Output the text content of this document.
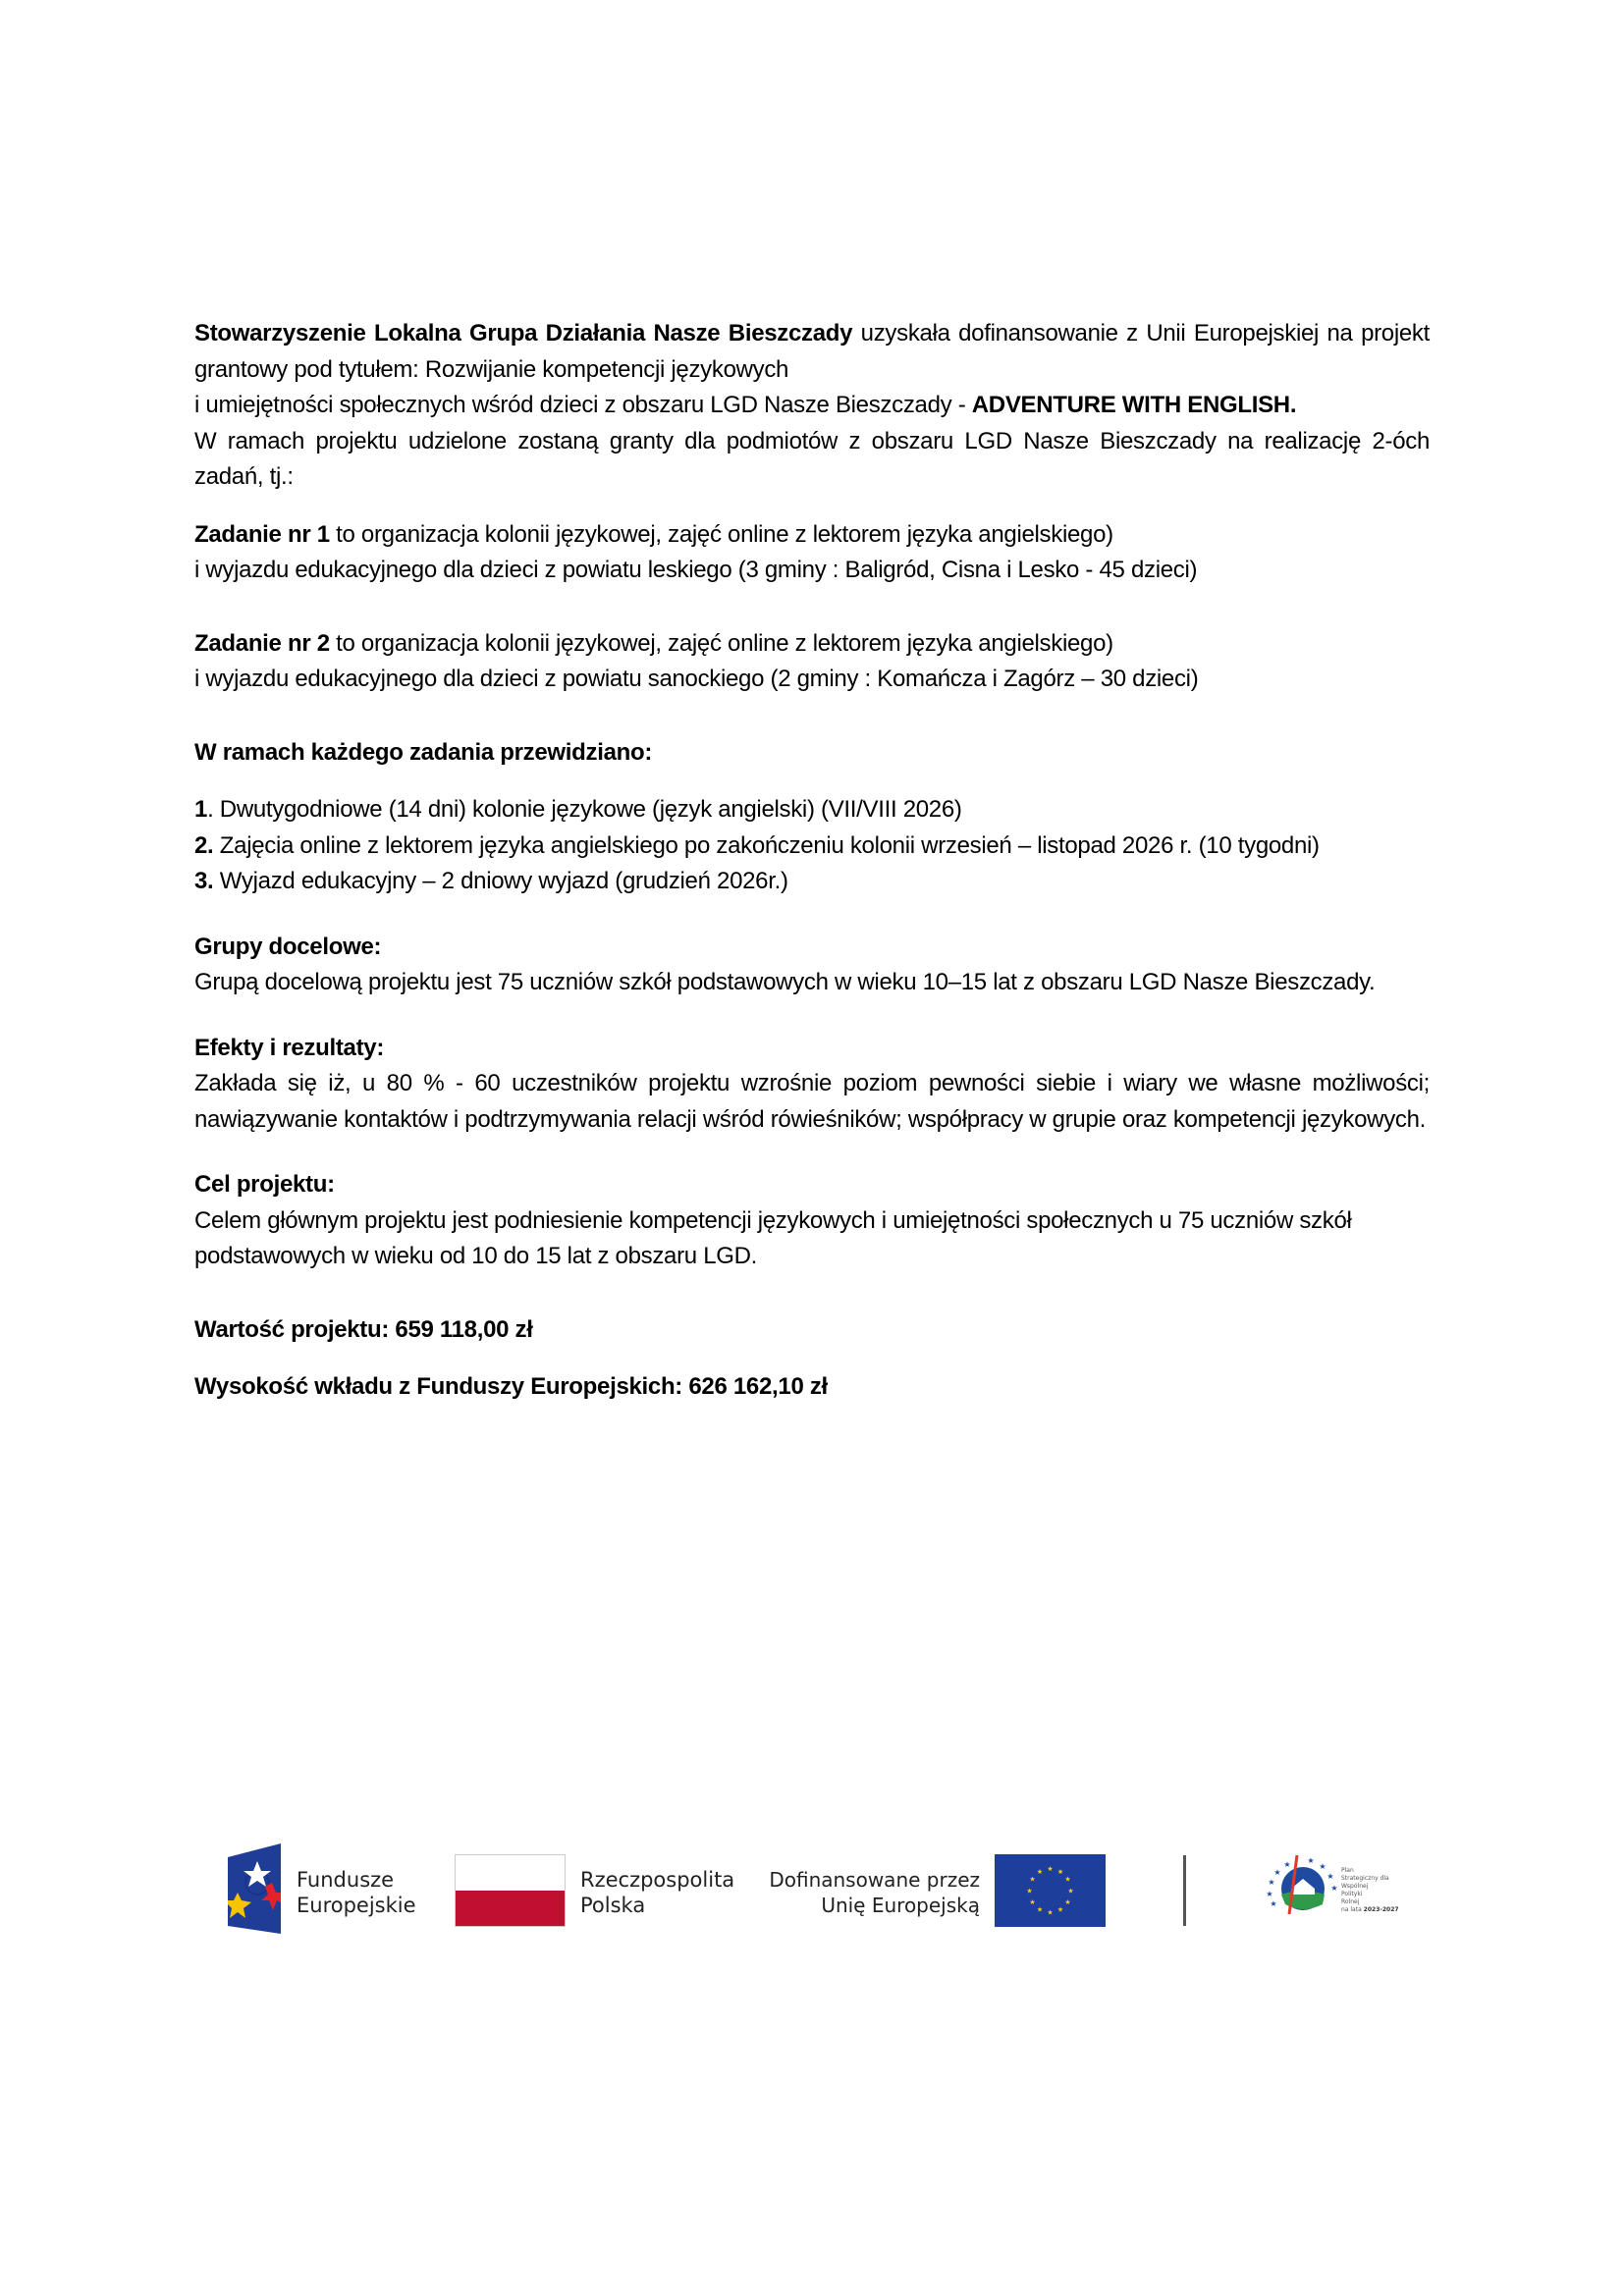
Stowarzyszenie Lokalna Grupa Działania Nasze Bieszczady uzyskała dofinansowanie z Unii Europejskiej na projekt grantowy pod tytułem: Rozwijanie kompetencji językowych
i umiejętności społecznych wśród dzieci z obszaru LGD Nasze Bieszczady - ADVENTURE WITH ENGLISH.
W ramach projektu udzielone zostaną granty dla podmiotów z obszaru LGD Nasze Bieszczady na realizację 2-óch zadań, tj.:

Zadanie nr 1 to organizacja kolonii językowej, zajęć online z lektorem języka angielskiego)
i wyjazdu edukacyjnego dla dzieci z powiatu leskiego (3 gminy : Baligród, Cisna i Lesko - 45 dzieci)

Zadanie nr 2 to organizacja kolonii językowej, zajęć online z lektorem języka angielskiego)
i wyjazdu edukacyjnego dla dzieci z powiatu sanockiego (2 gminy : Komańcza i Zagórz – 30 dzieci)

W ramach każdego zadania przewidziano:

1. Dwutygodniowe (14 dni) kolonie językowe (język angielski) (VII/VIII 2026)
2. Zajęcia online z lektorem języka angielskiego po zakończeniu kolonii wrzesień – listopad 2026 r. (10 tygodni)
3. Wyjazd edukacyjny – 2 dniowy wyjazd (grudzień 2026r.)

Grupy docelowe:
Grupą docelową projektu jest 75 uczniów szkół podstawowych w wieku 10–15 lat z obszaru LGD Nasze Bieszczady.

Efekty i rezultaty:
Zakłada się iż, u 80 % - 60 uczestników projektu wzrośnie poziom pewności siebie i wiary we własne możliwości; nawiązywanie kontaktów i podtrzymywania relacji wśród rówieśników; współpracy w grupie oraz kompetencji językowych.

Cel projektu:
Celem głównym projektu jest podniesienie kompetencji językowych i umiejętności społecznych u 75 uczniów szkół podstawowych w wieku od 10 do 15 lat z obszaru LGD.

Wartość projektu: 659 118,00 zł

Wysokość wkładu z Funduszy Europejskich: 626 162,10 zł

Fundusze
Europejskie
Rzeczpospolita
Polska
Dofinansowane przez
Unię Europejską
★ ★
★
★
★
★
★
★
★
★
★
★
★
★
★
★
★ ★
★
★
★
Plan
Strategiczny dla
Wspólnej
Polityki
Rolnej
na lata 2023-2027
